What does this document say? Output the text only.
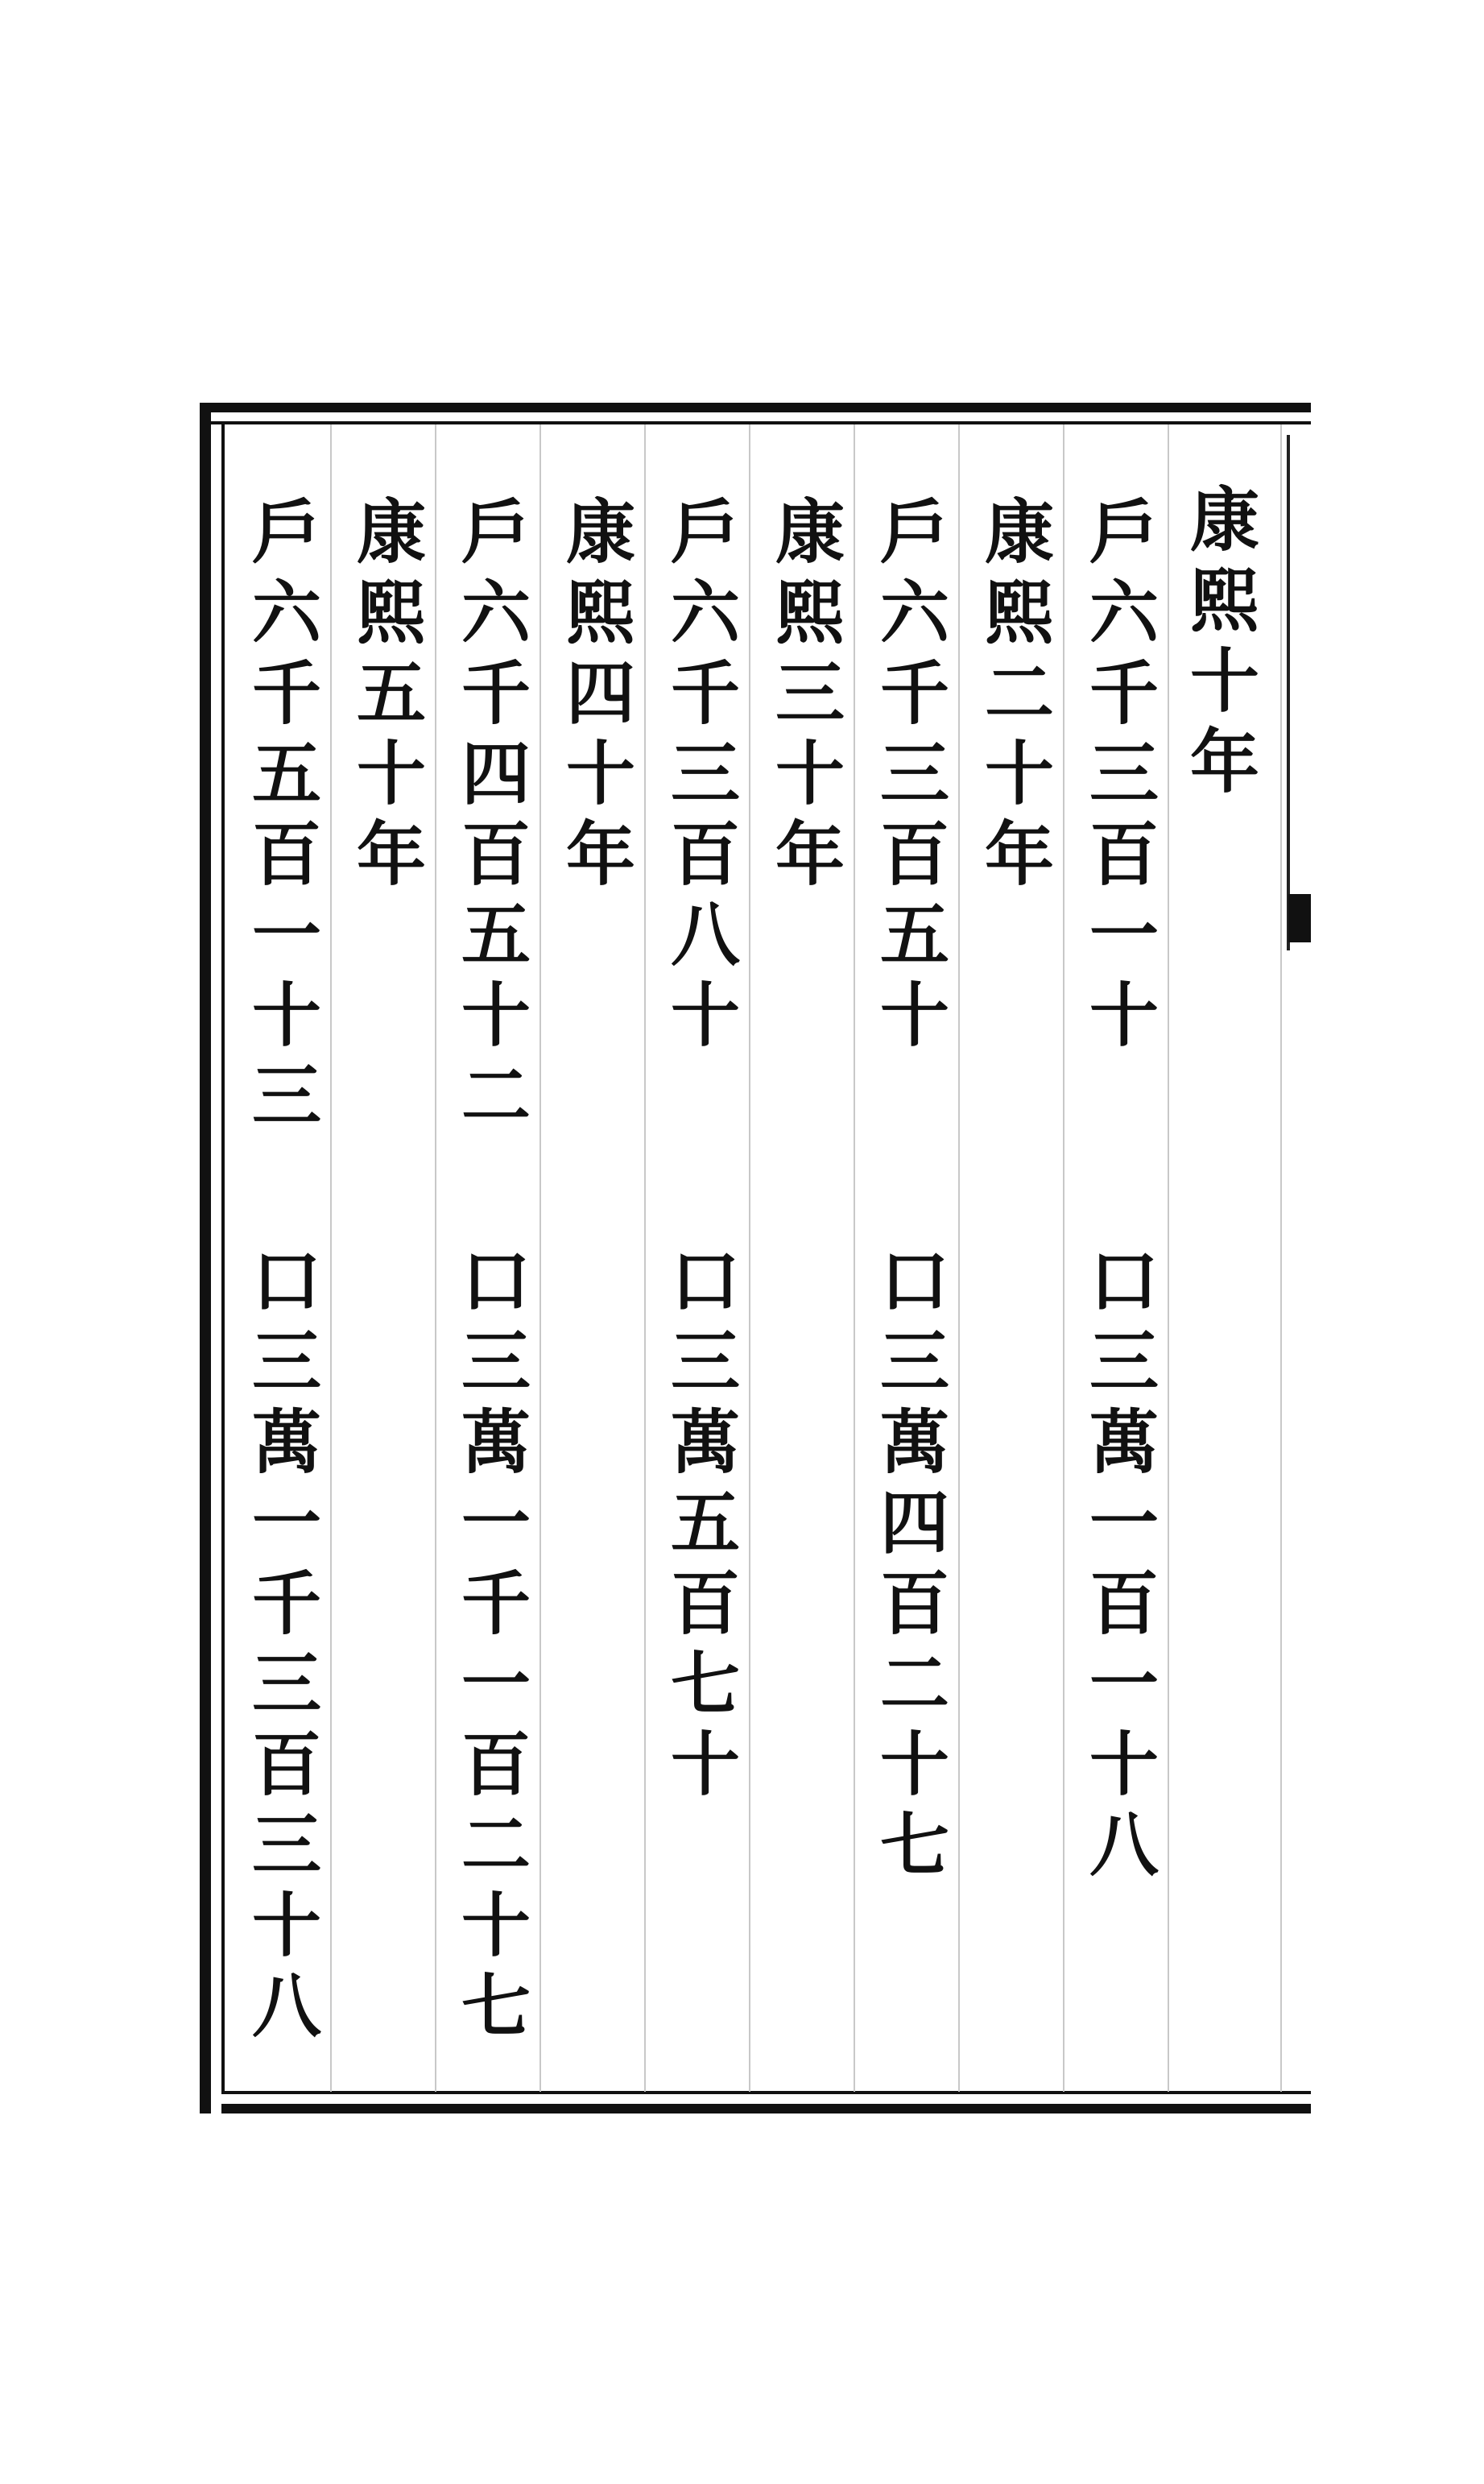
康熙十年
戶六千三百一十
口三萬一百一十八
康熙二十年
戶六千三百五十
口三萬四百二十七
康熙三十年
戶六千三百八十
口三萬五百七十
康熙四十年
戶六千四百五十二
口三萬一千一百二十七
康熙五十年
戶六千五百一十三
口三萬一千三百三十八
